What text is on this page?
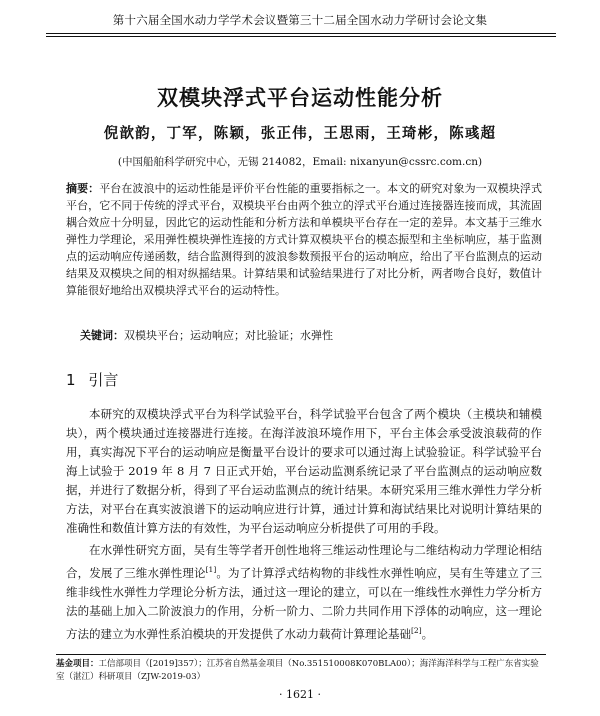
第十六届全国水动力学学术会议暨第三十二届全国水动力学研讨会论文集
双模块浮式平台运动性能分析
倪歆韵，丁军，陈颖，张正伟，王思雨，王琦彬，陈彧超
(中国船舶科学研究中心，无锡 214082，Email: nixanyun@cssrc.com.cn)
摘要：平台在波浪中的运动性能是评价平台性能的重要指标之一。本文的研究对象为一双模块浮式平台，它不同于传统的浮式平台，双模块平台由两个独立的浮式平台通过连接器连接而成，其流固耦合效应十分明显，因此它的运动性能和分析方法和单模块平台存在一定的差异。本文基于三维水弹性力学理论，采用弹性模块弹性连接的方式计算双模块平台的模态振型和主坐标响应，基于监测点的运动响应传递函数，结合监测得到的波浪参数预报平台的运动响应，给出了平台监测点的运动结果及双模块之间的相对纵摇结果。计算结果和试验结果进行了对比分析，两者吻合良好，数值计算能很好地给出双模块浮式平台的运动特性。
关键词：双模块平台；运动响应；对比验证；水弹性
1 引言
本研究的双模块浮式平台为科学试验平台，科学试验平台包含了两个模块（主模块和辅模块），两个模块通过连接器进行连接。在海洋波浪环境作用下，平台主体会承受波浪载荷的作用，真实海况下平台的运动响应是衡量平台设计的要求可以通过海上试验验证。科学试验平台海上试验于 2019 年 8 月 7 日正式开始，平台运动监测系统记录了平台监测点的运动响应数据，并进行了数据分析，得到了平台运动监测点的统计结果。本研究采用三维水弹性力学分析方法，对平台在真实波浪谱下的运动响应进行计算，通过计算和海试结果比对说明计算结果的准确性和数值计算方法的有效性，为平台运动响应分析提供了可用的手段。
在水弹性研究方面，吴有生等学者开创性地将三维运动性理论与二维结构动力学理论相结合，发展了三维水弹性理论[1]。为了计算浮式结构物的非线性水弹性响应，吴有生等建立了三维非线性水弹性力学理论分析方法，通过这一理论的建立，可以在一维线性水弹性力学分析方法的基础上加入二阶波浪力的作用，分析一阶力、二阶力共同作用下浮体的动响应，这一理论方法的建立为水弹性系泊模块的开发提供了水动力载荷计算理论基础[2]。
基金项目：工信部项目（[2019]357）；江苏省自然基金项目（No.351510008K070BLA00）；海洋海洋科学与工程广东省实验室（湛江）科研项目（ZJW-2019-03）
· 1621 ·
